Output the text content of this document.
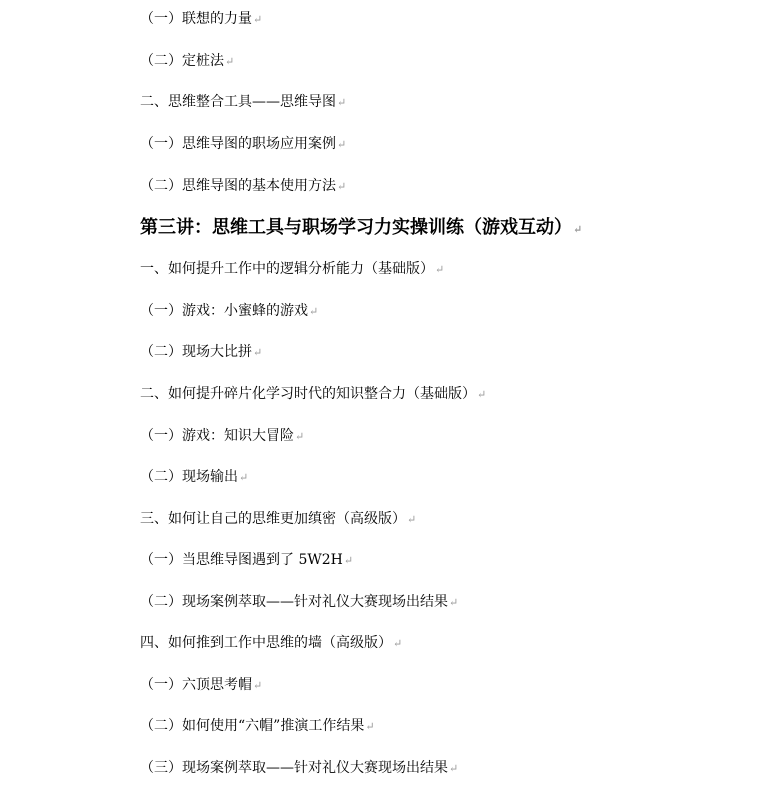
（一）联想的力量↵
（二）定桩法↵
二、思维整合工具——思维导图↵
（一）思维导图的职场应用案例↵
（二）思维导图的基本使用方法↵
第三讲：思维工具与职场学习力实操训练（游戏互动）↵
一、如何提升工作中的逻辑分析能力（基础版）↵
（一）游戏：小蜜蜂的游戏↵
（二）现场大比拼↵
二、如何提升碎片化学习时代的知识整合力（基础版）↵
（一）游戏：知识大冒险↵
（二）现场输出↵
三、如何让自己的思维更加缜密（高级版）↵
（一）当思维导图遇到了 5W2H↵
（二）现场案例萃取——针对礼仪大赛现场出结果↵
四、如何推到工作中思维的墙（高级版）↵
（一）六顶思考帽↵
（二）如何使用“六帽”推演工作结果↵
（三）现场案例萃取——针对礼仪大赛现场出结果↵
